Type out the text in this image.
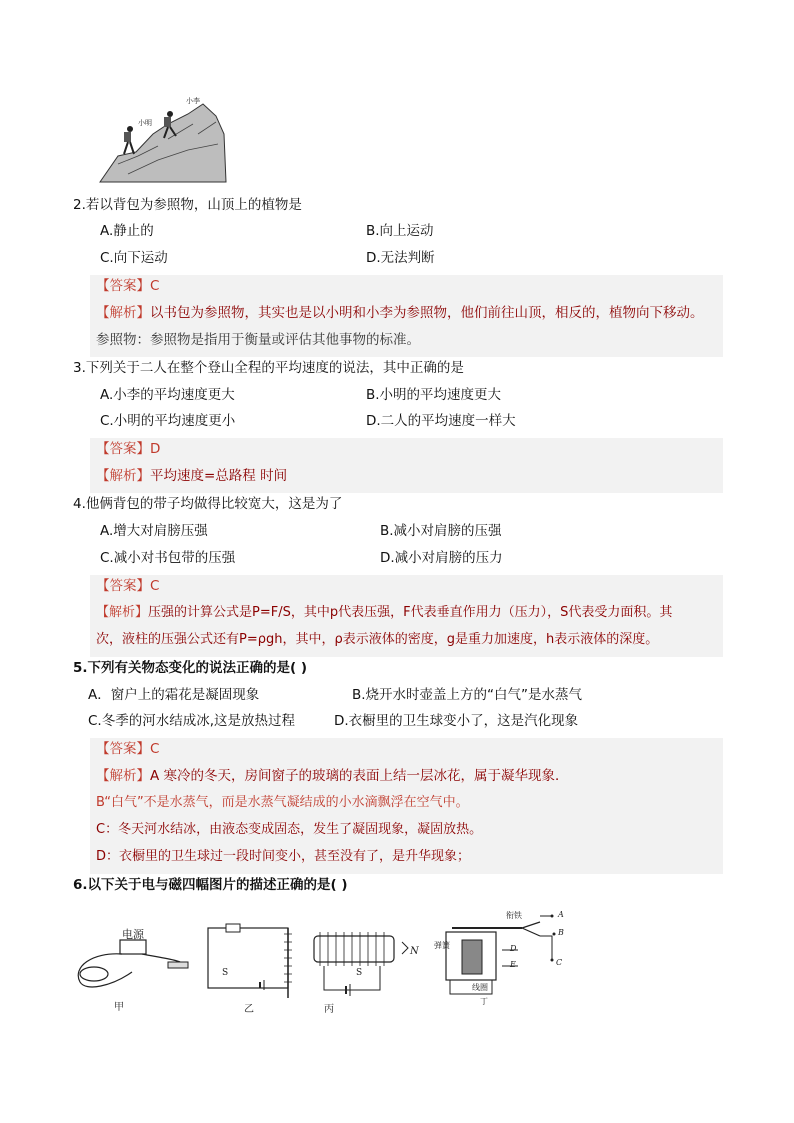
小明
小李
2.若以背包为参照物，山顶上的植物是
A.静止的	B.向上运动
C.向下运动	D.无法判断
【答案】C
【解析】以书包为参照物，其实也是以小明和小李为参照物，他们前往山顶，相反的，植物向下移动。
参照物：参照物是指用于衡量或评估其他事物的标准。
3.下列关于二人在整个登山全程的平均速度的说法，其中正确的是
A.小李的平均速度更大	B.小明的平均速度更大
C.小明的平均速度更小	D.二人的平均速度一样大
【答案】D
【解析】平均速度=总路程 时间
4.他俩背包的带子均做得比较宽大，这是为了
A.增大对肩膀压强	B.减小对肩膀的压强
C.减小对书包带的压强	D.减小对肩膀的压力
【答案】C
【解析】压强的计算公式是P=F/S，其中p代表压强，F代表垂直作用力（压力），S代表受力面积。其
次，液柱的压强公式还有P=ρgh，其中，ρ表示液体的密度，g是重力加速度，h表示液体的深度。
5.下列有关物态变化的说法正确的是( )
A．窗户上的霜花是凝固现象	B.烧开水时壶盖上方的“白气”是水蒸气
C.冬季的河水结成冰,这是放热过程	D.衣橱里的卫生球变小了，这是汽化现象
【答案】C
【解析】A 寒冷的冬天，房间窗子的玻璃的表面上结一层冰花，属于凝华现象．
B“白气”不是水蒸气，而是水蒸气凝结成的小水滴飘浮在空气中。
C：冬天河水结冰，由液态变成固态，发生了凝固现象，凝固放热。
D：衣橱里的卫生球过一段时间变小，甚至没有了，是升华现象；
6.以下关于电与磁四幅图片的描述正确的是( )
电源
甲
S
乙
S
N
丙
衔铁
弹簧
线圈
丁
A
B
C
D
E
